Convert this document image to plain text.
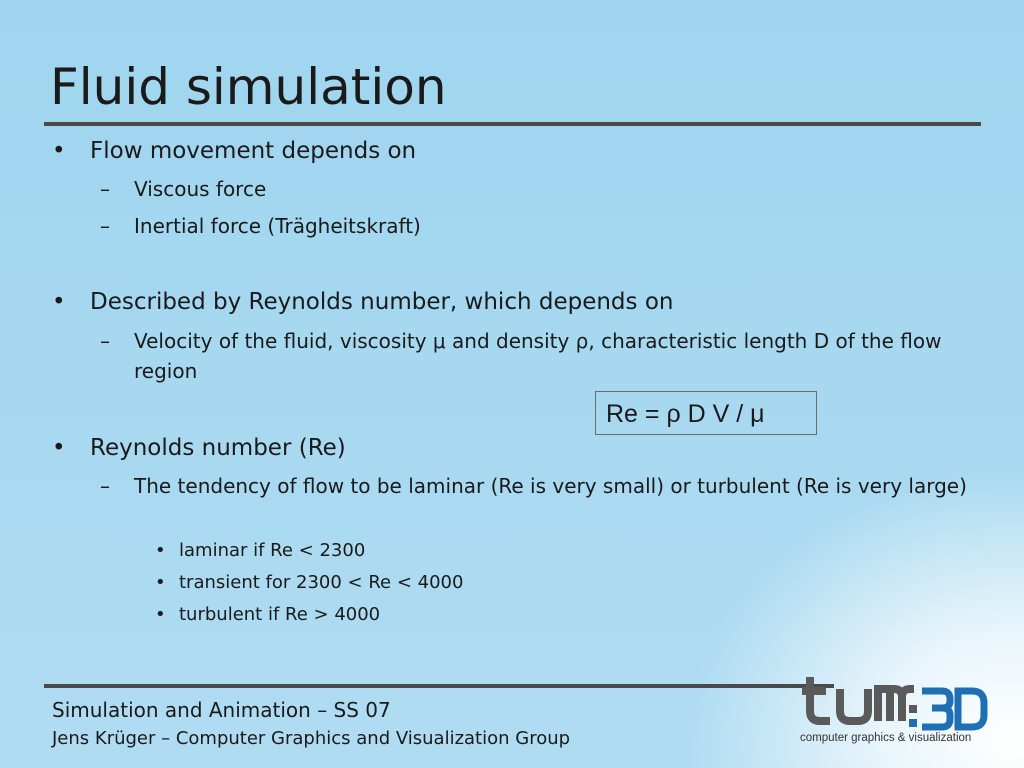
Fluid simulation
• Flow movement depends on
– Viscous force
– Inertial force (Trägheitskraft)
• Described by Reynolds number, which depends on
– Velocity of the fluid, viscosity μ and density ρ, characteristic length D of the flow region
• Reynolds number (Re)
– The tendency of flow to be laminar (Re is very small) or turbulent (Re is very large)
• laminar if Re < 2300
• transient for 2300 < Re < 4000
• turbulent if Re > 4000
Re = ρ D V / μ
Simulation and Animation – SS 07
Jens Krüger – Computer Graphics and Visualization Group	computer graphics & visualization
